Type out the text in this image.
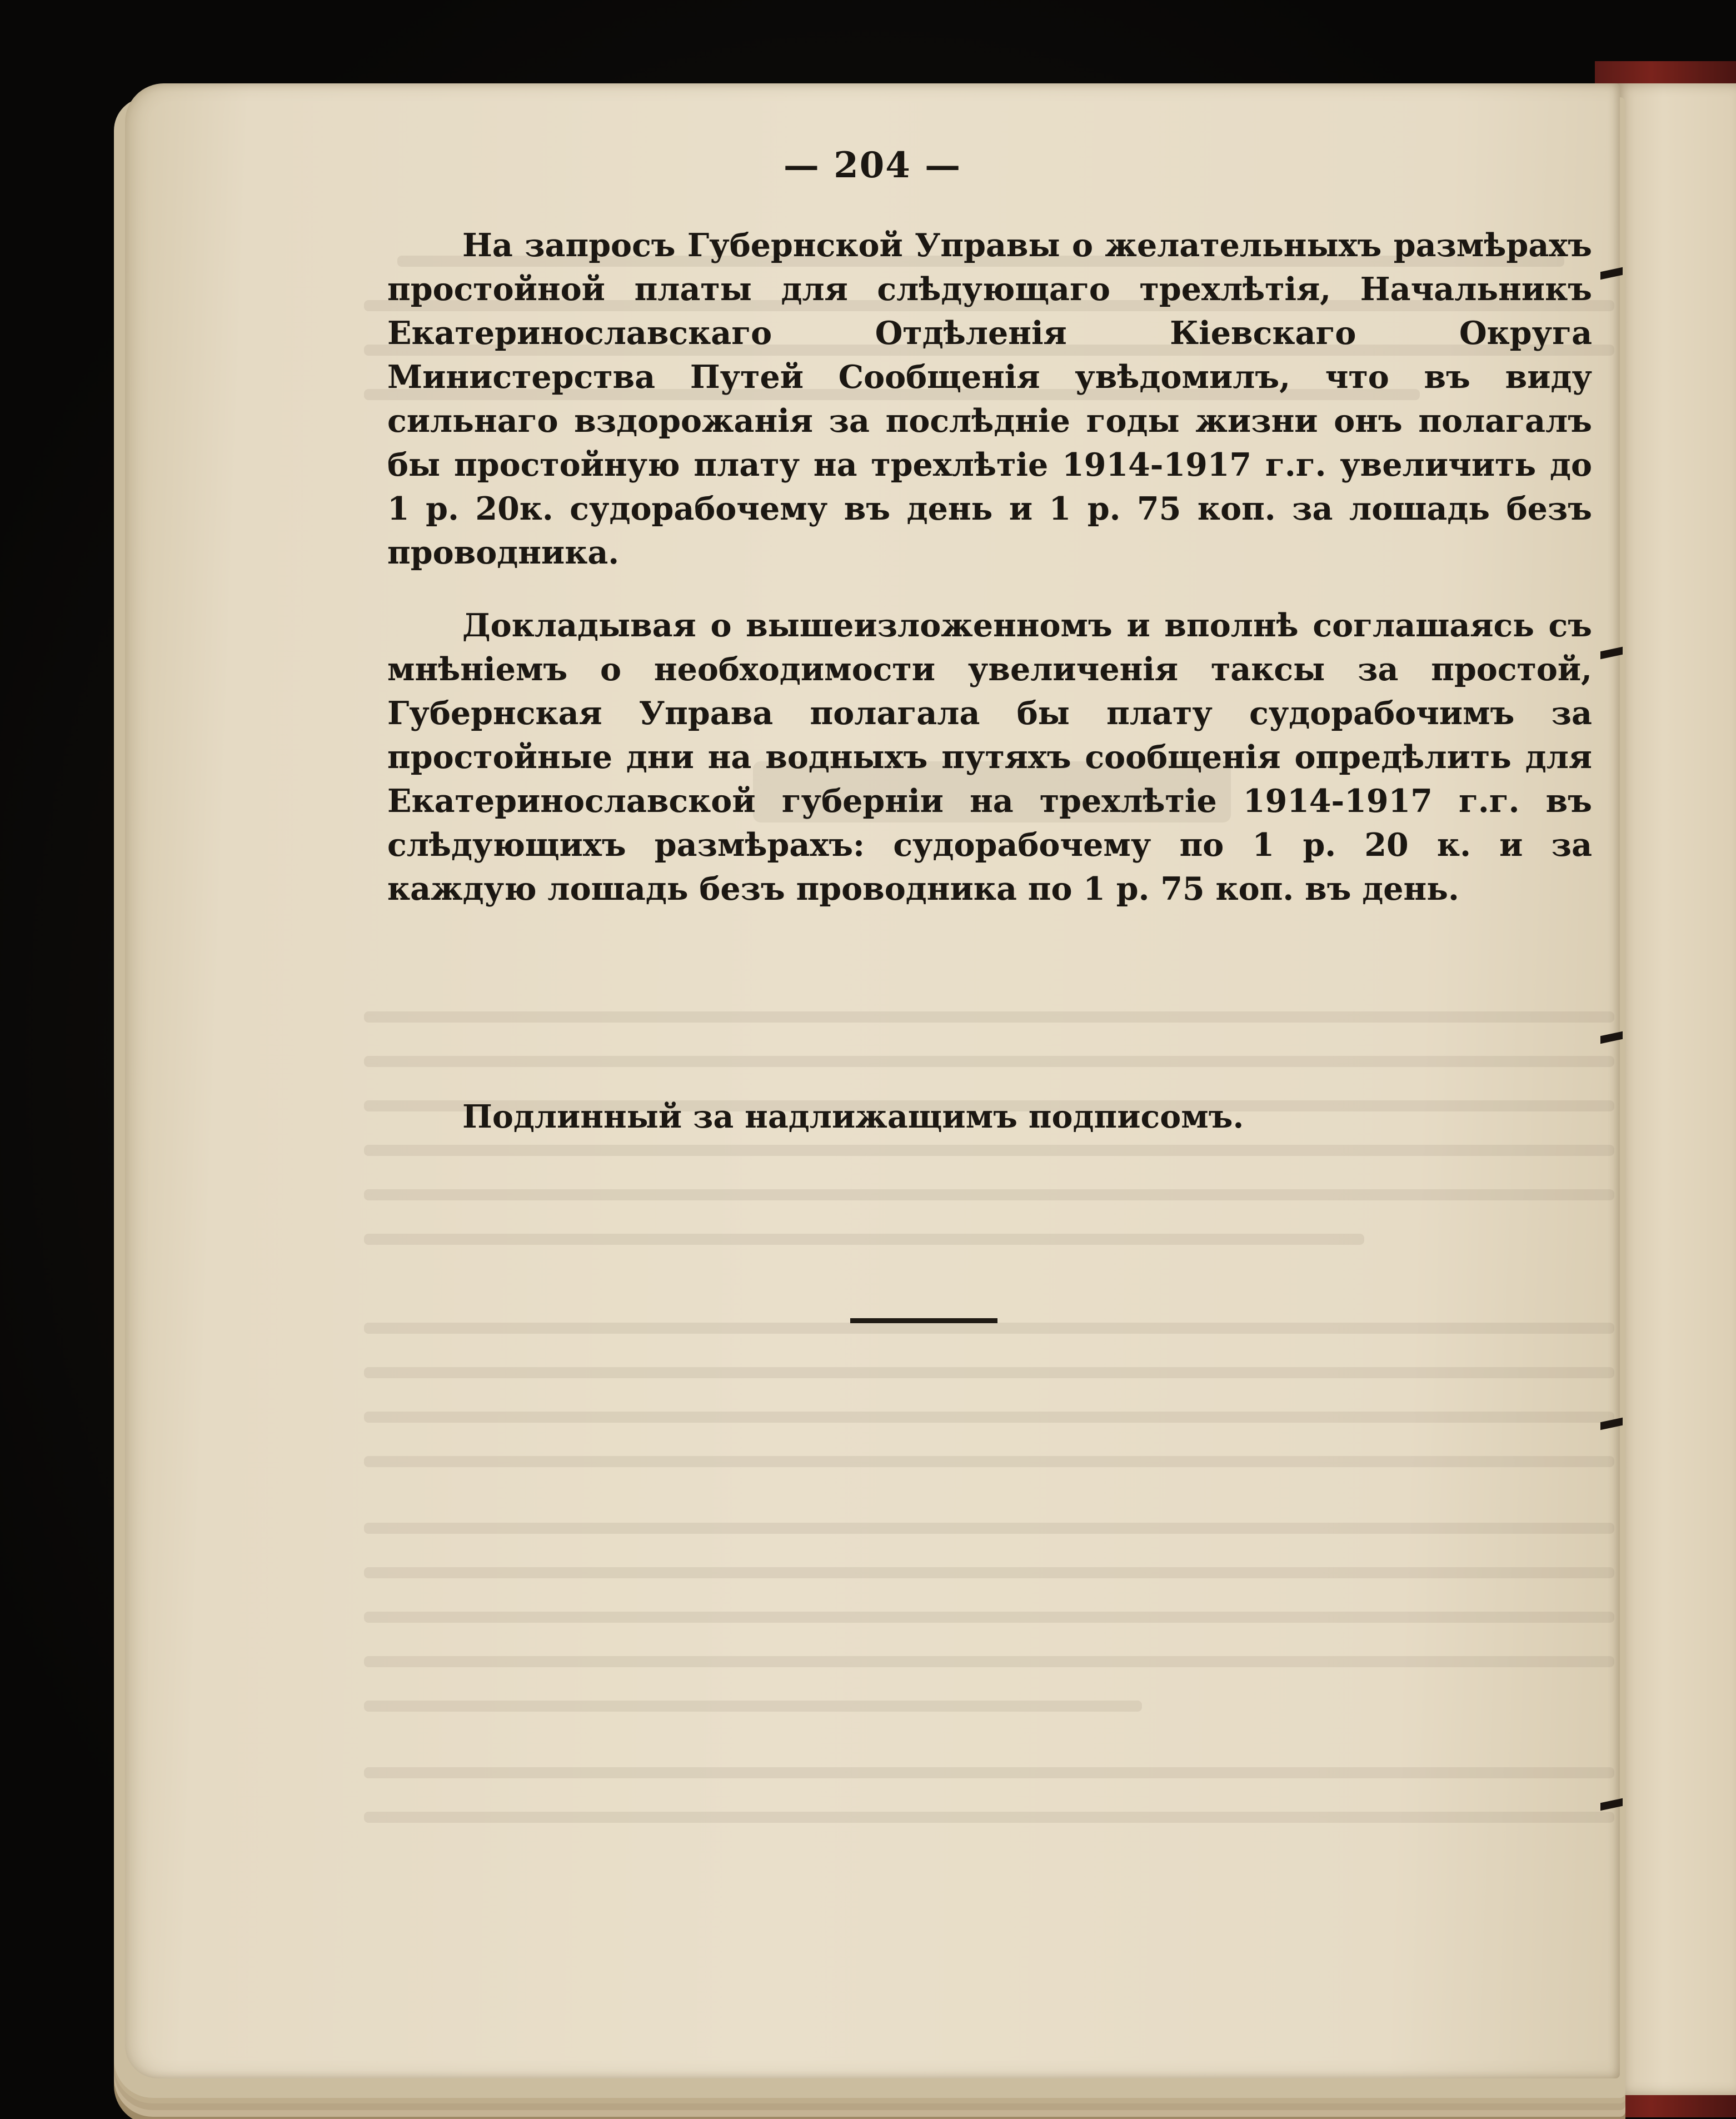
— 204 —

На запросъ Губернской Управы о желательныхъ размѣрахъ простойной платы для слѣдующаго трехлѣтія, Начальникъ Екатеринославскаго Отдѣленія Кіевскаго Округа Министерства Путей Сообщенія увѣдомилъ, что въ виду сильнаго вздорожанія за послѣдніе годы жизни онъ полагалъ бы простойную плату на трехлѣтіе 1914-1917 г.г. увеличить до 1 р. 20к. судорабочему въ день и 1 р. 75 коп. за лошадь безъ проводника.

Докладывая о вышеизложенномъ и вполнѣ соглашаясь съ мнѣніемъ о необходимости увеличенія таксы за простой, Губернская Управа полагала бы плату судорабочимъ за простойные дни на водныхъ путяхъ сообщенія опредѣлить для Екатеринославской губерніи на трехлѣтіе 1914-1917 г.г. въ слѣдующихъ размѣрахъ: судорабочему по 1 р. 20 к. и за каждую лошадь безъ проводника по 1 р. 75 коп. въ день.

Подлинный за надлижащимъ подписомъ.
